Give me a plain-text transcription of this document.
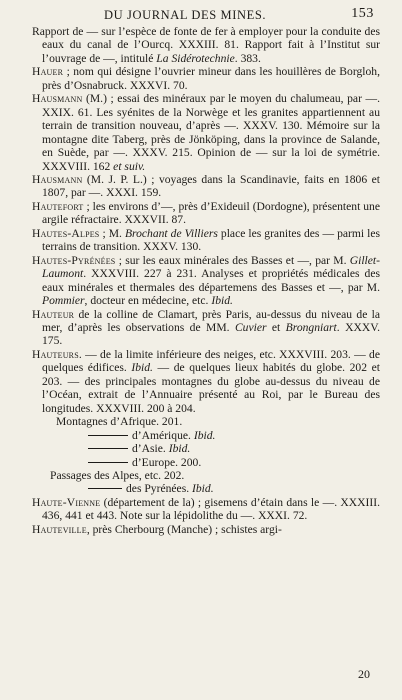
DU JOURNAL DES MINES.	153

Rapport de — sur l’espèce de fonte de fer à employer pour la conduite des eaux du canal de l’Ourcq. XXXIII. 81. Rapport fait à l’Institut sur l’ouvrage de —, intitulé La Sidérotechnie. 383.

Hauer ; nom qui désigne l’ouvrier mineur dans les houillères de Borgloh, près d’Osnabruck. XXXVI. 70.

Hausmann (M.) ; essai des minéraux par le moyen du chalumeau, par —. XXIX. 61. Les syénites de la Norwège et les granites appartiennent au terrain de transition nouveau, d’après —. XXXV. 130. Mémoire sur la montagne dite Taberg, près de Jönköping, dans la province de Salande, en Suède, par —. XXXV. 215. Opinion de — sur la loi de symétrie. XXXVIII. 162 et suiv.

Hausmann (M. J. P. L.) ; voyages dans la Scandinavie, faits en 1806 et 1807, par —. XXXI. 159.

Hautefort ; les environs d’—, près d’Exideuil (Dordogne), présentent une argile réfractaire. XXXVII. 87.

Hautes-Alpes ; M. Brochant de Villiers place les granites des — parmi les terrains de transition. XXXV. 130.

Hautes-Pyrénées ; sur les eaux minérales des Basses et —, par M. Gillet-Laumont. XXXVIII. 227 à 231. Analyses et propriétés médicales des eaux minérales et thermales des départemens des Basses et —, par M. Pommier, docteur en médecine, etc. Ibid.

Hauteur de la colline de Clamart, près Paris, au-dessus du niveau de la mer, d’après les observations de MM. Cuvier et Brongniart. XXXV. 175.

Hauteurs. — de la limite inférieure des neiges, etc. XXXVIII. 203. — de quelques édifices. Ibid. — de quelques lieux habités du globe. 202 et 203. — des principales montagnes du globe au-dessus du niveau de l’Océan, extrait de l’Annuaire présenté au Roi, par le Bureau des longitudes. XXXVIII. 200 à 204.

Montagnes d’Afrique. 201.

d’Amérique. Ibid.

d’Asie. Ibid.

d’Europe. 200.

Passages des Alpes, etc. 202.

des Pyrénées. Ibid.

Haute-Vienne (département de la) ; gisemens d’étain dans le —. XXXIII. 436, 441 et 443. Note sur la lépidolithe du —. XXXI. 72.

Hauteville, près Cherbourg (Manche) ; schistes argi-

20
